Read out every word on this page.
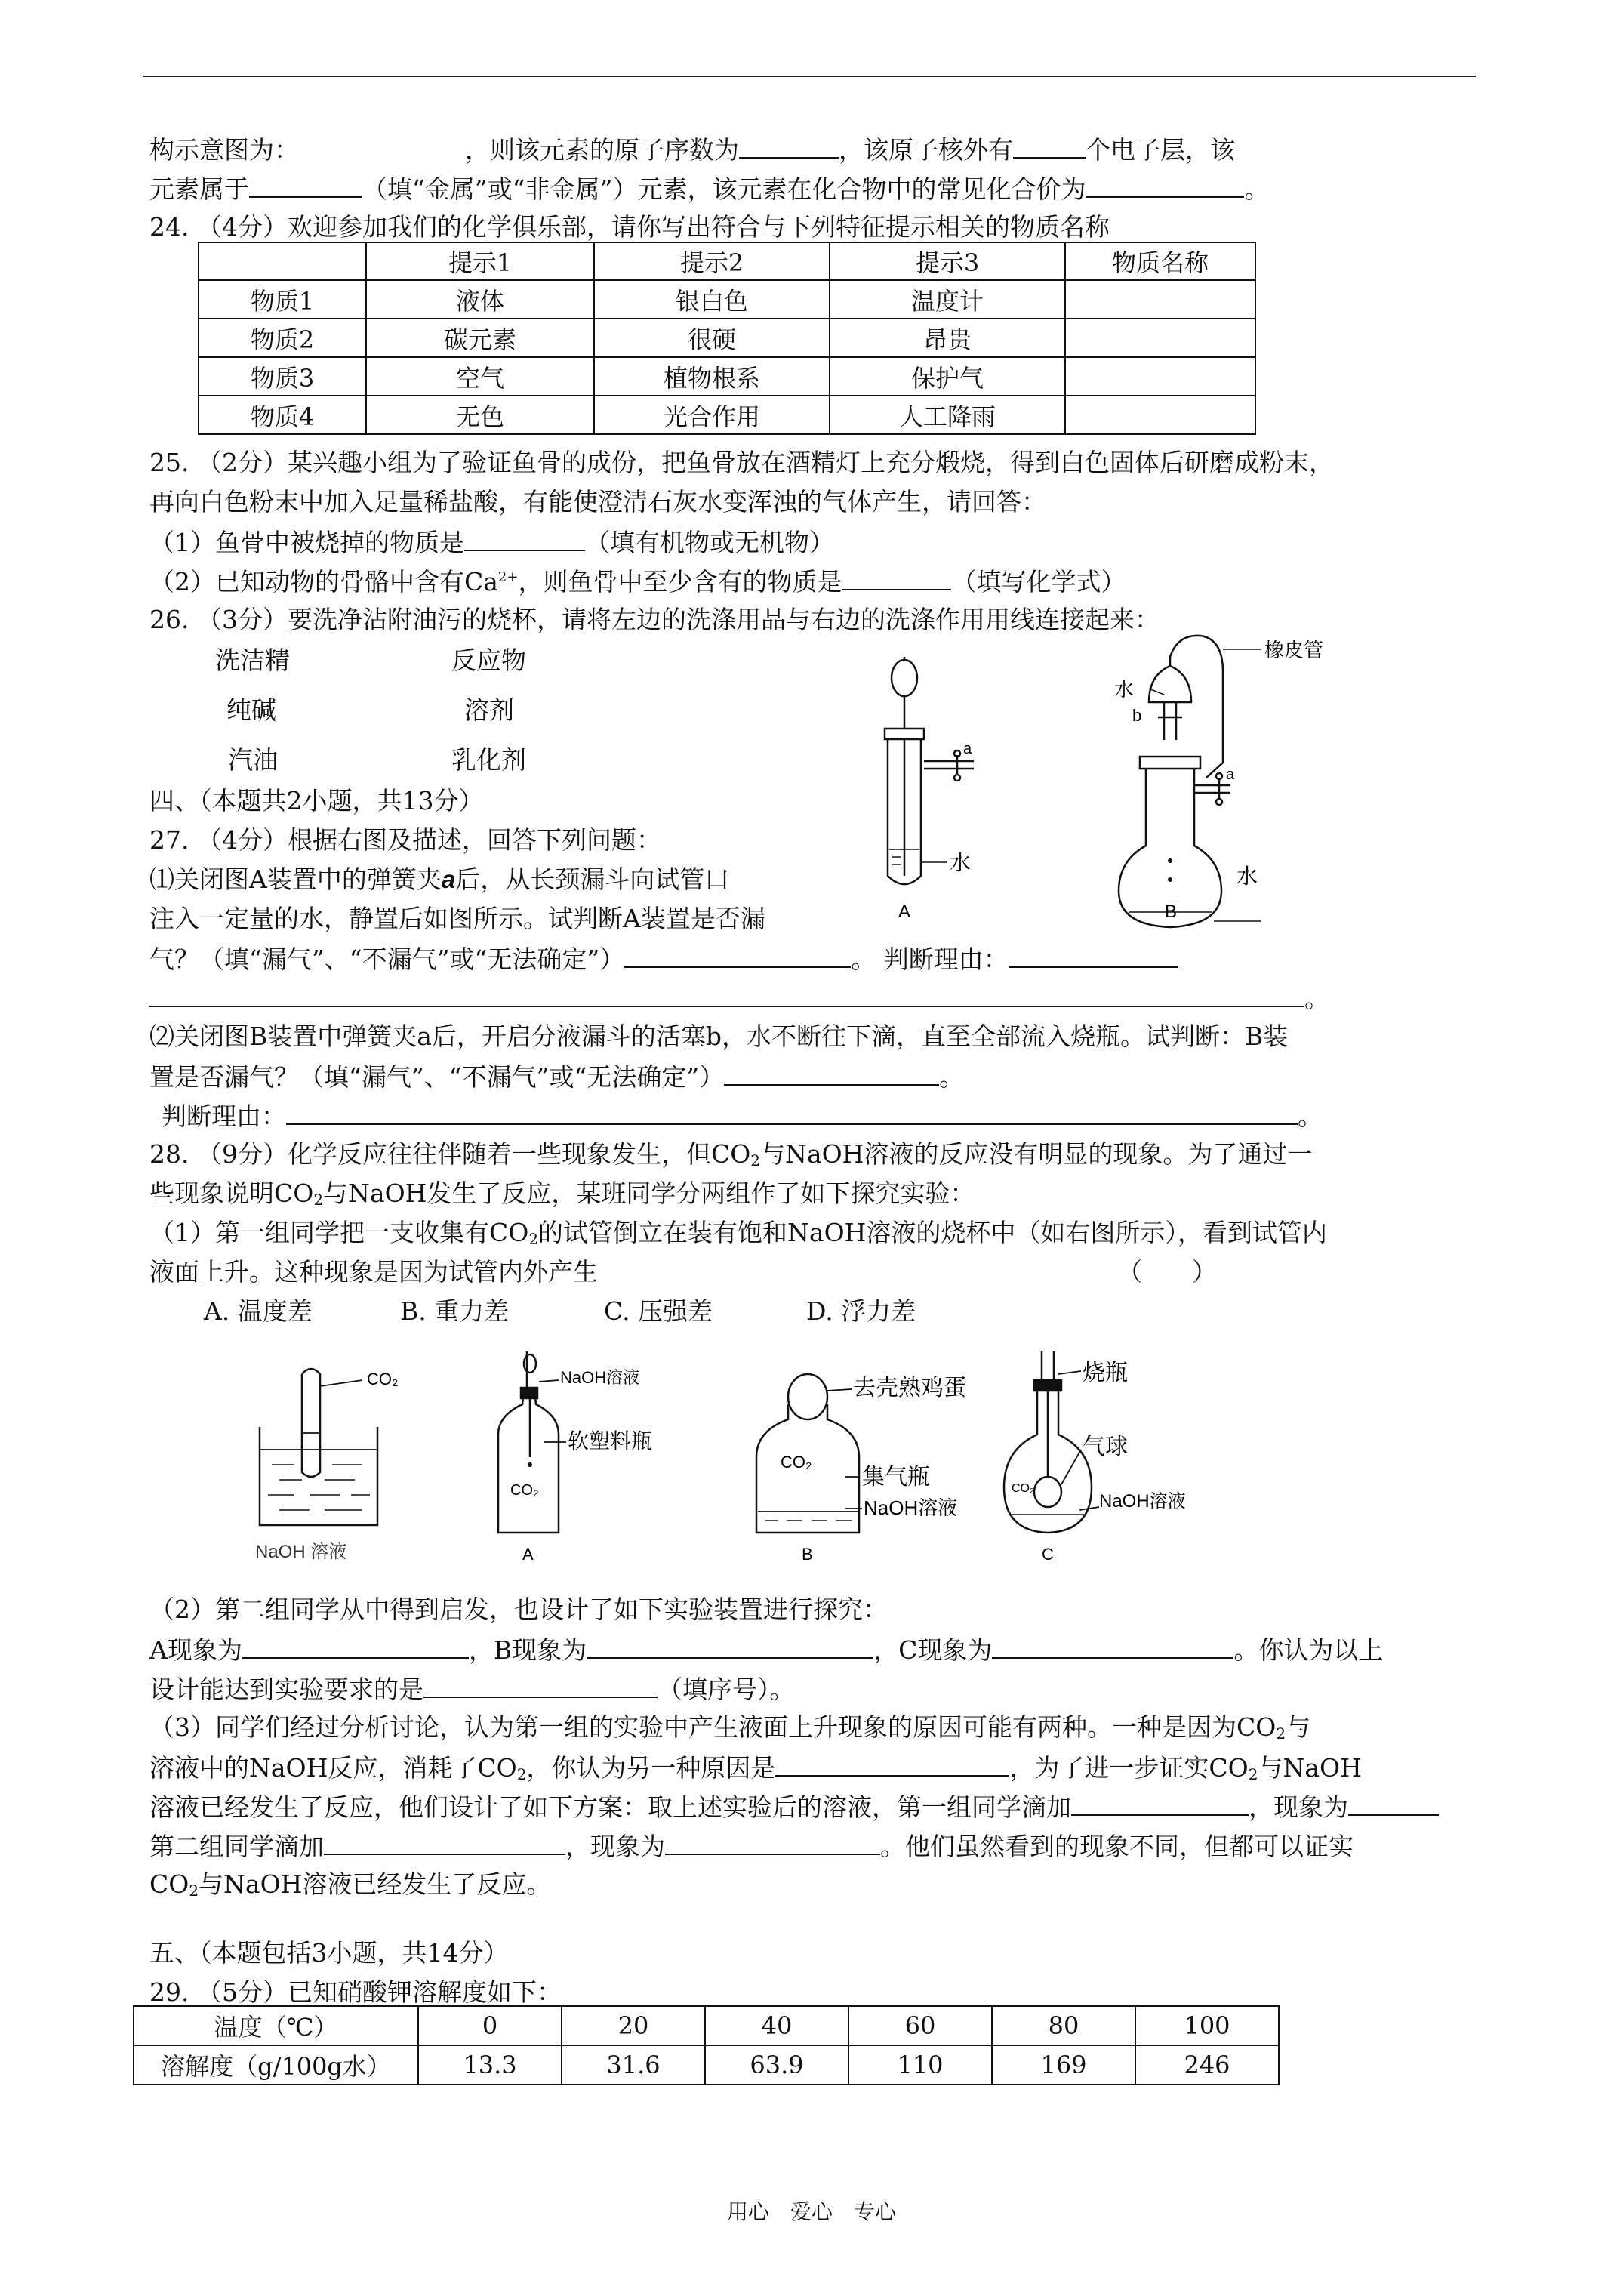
构示意图为：	，则该元素的原子序数为	，该原子核外有	个电子层，该
元素属于	（填“金属”或“非金属”）元素，该元素在化合物中的常见化合价为	。
24. （4分）欢迎参加我们的化学俱乐部，请你写出符合与下列特征提示相关的物质名称
	提示1	提示2	提示3	物质名称
物质1	液体	银白色	温度计	
物质2	碳元素	很硬	昂贵	
物质3	空气	植物根系	保护气	
物质4	无色	光合作用	人工降雨	
25. （2分）某兴趣小组为了验证鱼骨的成份，把鱼骨放在酒精灯上充分煅烧，得到白色固体后研磨成粉末，
再向白色粉末中加入足量稀盐酸，有能使澄清石灰水变浑浊的气体产生，请回答：
（1）鱼骨中被烧掉的物质是	（填有机物或无机物）
（2）已知动物的骨骼中含有$Ca^{2+}$，则鱼骨中至少含有的物质是	（填写化学式）
26. （3分）要洗净沾附油污的烧杯，请将左边的洗涤用品与右边的洗涤作用用线连接起来：
洗洁精
纯碱
汽油
反应物
溶剂
乳化剂	a
水
A
橡皮管
水
b
a
水
B
四、（本题共2小题，共13分）
27. （4分）根据右图及描述，回答下列问题：
⑴关闭图A装置中的弹簧夹a后，从长颈漏斗向试管口
注入一定量的水，静置后如图所示。试判断A装置是否漏
气？（填“漏气”、“不漏气”或“无法确定”）	。 判断理由：
。
⑵关闭图B装置中弹簧夹a后，开启分液漏斗的活塞b，水不断往下滴，直至全部流入烧瓶。试判断：B装
置是否漏气？（填“漏气”、“不漏气”或“无法确定”）	。
判断理由：	。
28. （9分）化学反应往往伴随着一些现象发生，但$CO_2$与NaOH溶液的反应没有明显的现象。为了通过一
些现象说明$CO_2$与NaOH发生了反应，某班同学分两组作了如下探究实验：
（1）第一组同学把一支收集有$CO_2$的试管倒立在装有饱和NaOH溶液的烧杯中（如右图所示），看到试管内
液面上升。这种现象是因为试管内外产生	（　　）
A. 温度差	B. 重力差	C. 压强差	D. 浮力差
CO₂
NaOH 溶液
NaOH溶液
软塑料瓶
CO₂
A
去壳熟鸡蛋
CO₂
集气瓶
NaOH溶液
B
烧瓶
气球
CO₂
NaOH溶液
C
（2）第二组同学从中得到启发，也设计了如下实验装置进行探究：
A现象为	，B现象为	，C现象为	。你认为以上
设计能达到实验要求的是	（填序号）。
（3）同学们经过分析讨论，认为第一组的实验中产生液面上升现象的原因可能有两种。一种是因为$CO_2$与
溶液中的NaOH反应，消耗了$CO_2$，你认为另一种原因是	，为了进一步证实$CO_2$与NaOH
溶液已经发生了反应，他们设计了如下方案：取上述实验后的溶液，第一组同学滴加	，现象为
第二组同学滴加	，现象为	。他们虽然看到的现象不同，但都可以证实
$CO_2$与NaOH溶液已经发生了反应。
五、（本题包括3小题，共14分）
29. （5分）已知硝酸钾溶解度如下：
温度（℃）	0	20	40	60	80	100
溶解度（g/100g水）	13.3	31.6	63.9	110	169	246
用心　爱心　专心
